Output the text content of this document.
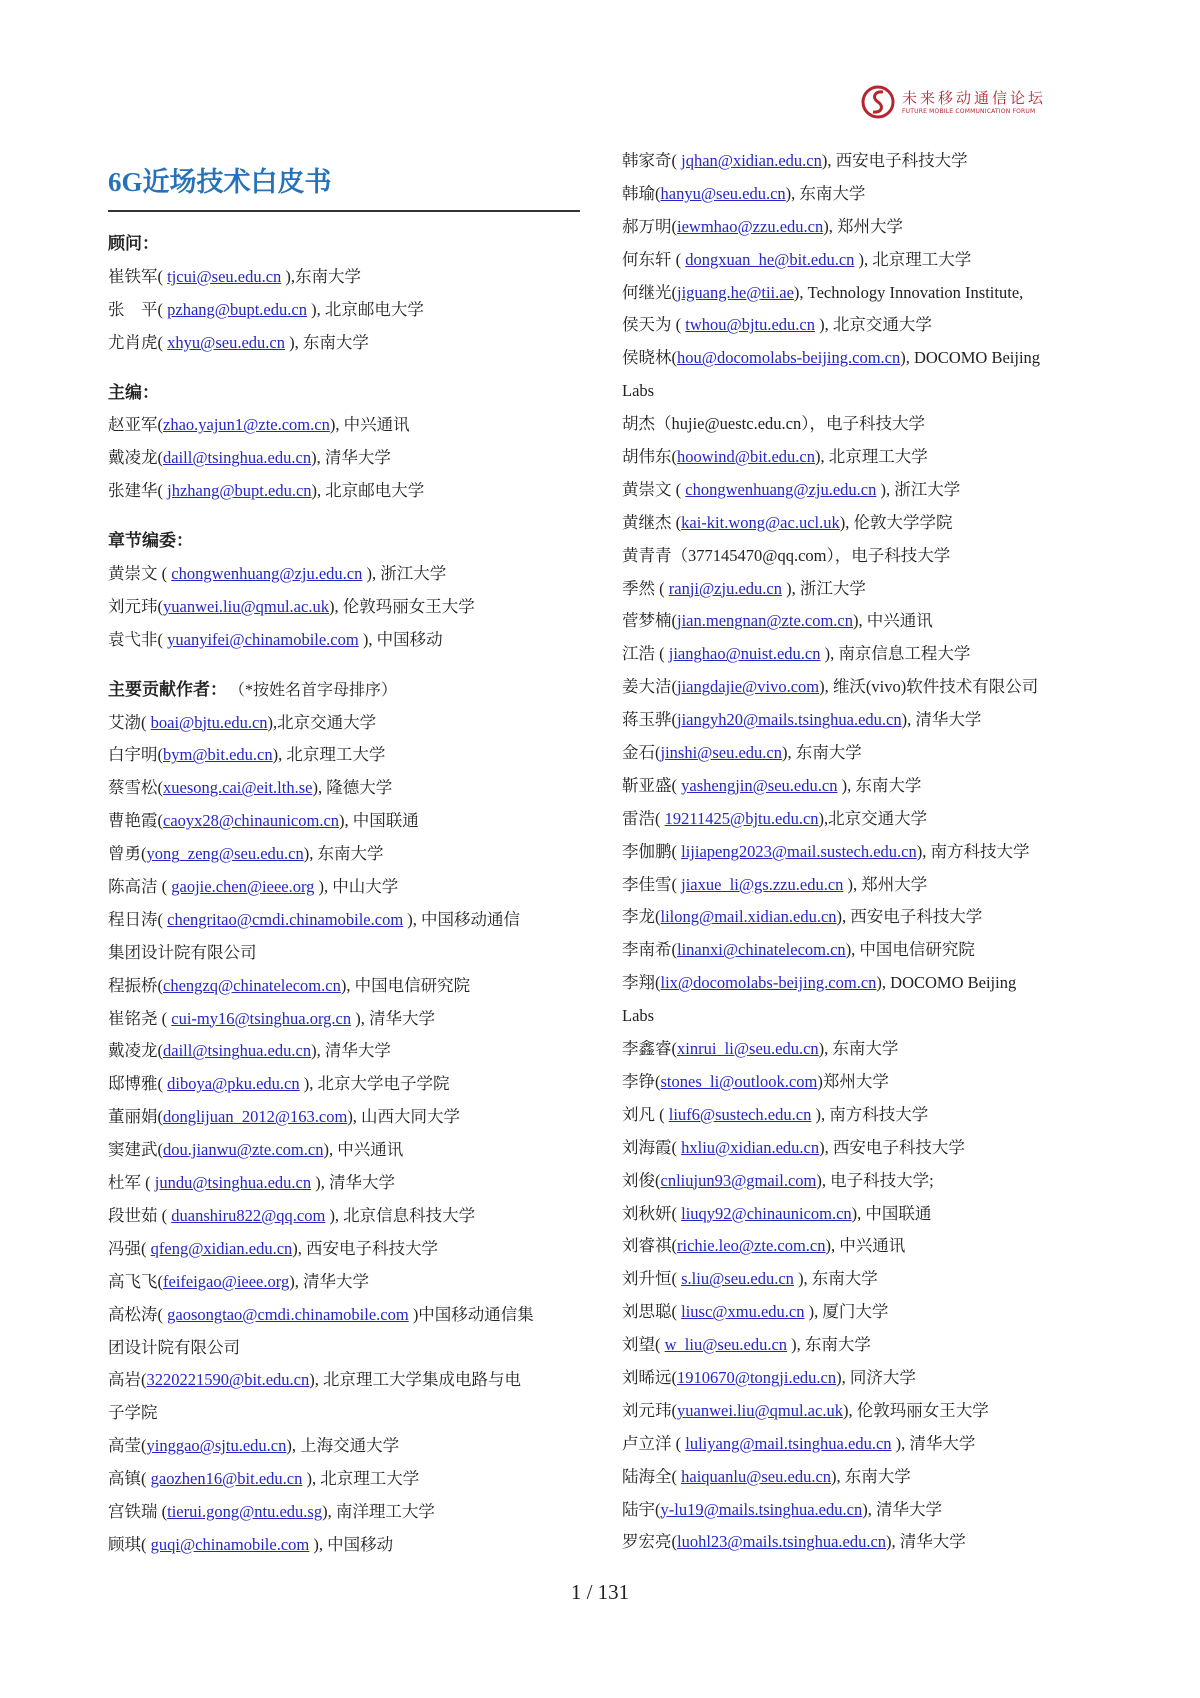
未来移动通信论坛
FUTURE MOBILE COMMUNICATION FORUM
6G近场技术白皮书
顾问：
崔铁军( tjcui@seu.edu.cn ),东南大学
张　平( pzhang@bupt.edu.cn ), 北京邮电大学
尤肖虎( xhyu@seu.edu.cn ), 东南大学
主编：
赵亚军(zhao.yajun1@zte.com.cn), 中兴通讯
戴凌龙(daill@tsinghua.edu.cn), 清华大学
张建华( jhzhang@bupt.edu.cn), 北京邮电大学
章节编委：
黄崇文 ( chongwenhuang@zju.edu.cn ), 浙江大学
刘元玮(yuanwei.liu@qmul.ac.uk), 伦敦玛丽女王大学
袁弋非( yuanyifei@chinamobile.com ), 中国移动
主要贡献作者： （*按姓名首字母排序）
艾渤( boai@bjtu.edu.cn),北京交通大学
白宇明(bym@bit.edu.cn), 北京理工大学
蔡雪松(xuesong.cai@eit.lth.se), 隆德大学
曹艳霞(caoyx28@chinaunicom.cn), 中国联通
曾勇(yong_zeng@seu.edu.cn), 东南大学
陈高洁 ( gaojie.chen@ieee.org ), 中山大学
程日涛( chengritao@cmdi.chinamobile.com ), 中国移动通信
集团设计院有限公司
程振桥(chengzq@chinatelecom.cn), 中国电信研究院
崔铭尧 ( cui-my16@tsinghua.org.cn ), 清华大学
戴凌龙(daill@tsinghua.edu.cn), 清华大学
邸博雅( diboya@pku.edu.cn ), 北京大学电子学院
董丽娟(donglijuan_2012@163.com), 山西大同大学
窦建武(dou.jianwu@zte.com.cn), 中兴通讯
杜军 ( jundu@tsinghua.edu.cn ), 清华大学
段世茹 ( duanshiru822@qq.com ), 北京信息科技大学
冯强( qfeng@xidian.edu.cn), 西安电子科技大学
高飞飞(feifeigao@ieee.org), 清华大学
高松涛( gaosongtao@cmdi.chinamobile.com )中国移动通信集
团设计院有限公司
高岩(3220221590@bit.edu.cn), 北京理工大学集成电路与电
子学院
高莹(yinggao@sjtu.edu.cn), 上海交通大学
高镇( gaozhen16@bit.edu.cn ), 北京理工大学
宫铁瑞 (tierui.gong@ntu.edu.sg), 南洋理工大学
顾琪( guqi@chinamobile.com ), 中国移动
韩家奇( jqhan@xidian.edu.cn), 西安电子科技大学
韩瑜(hanyu@seu.edu.cn), 东南大学
郝万明(iewmhao@zzu.edu.cn), 郑州大学
何东轩 ( dongxuan_he@bit.edu.cn ), 北京理工大学
何继光(jiguang.he@tii.ae), Technology Innovation Institute,
侯天为 ( twhou@bjtu.edu.cn ), 北京交通大学
侯晓林(hou@docomolabs-beijing.com.cn), DOCOMO Beijing
Labs
胡杰（hujie@uestc.edu.cn），电子科技大学
胡伟东(hoowind@bit.edu.cn), 北京理工大学
黄崇文 ( chongwenhuang@zju.edu.cn ), 浙江大学
黄继杰 (kai-kit.wong@ac.ucl.uk), 伦敦大学学院
黄青青（377145470@qq.com），电子科技大学
季然 ( ranji@zju.edu.cn ), 浙江大学
菅梦楠(jian.mengnan@zte.com.cn), 中兴通讯
江浩 ( jianghao@nuist.edu.cn ), 南京信息工程大学
姜大洁(jiangdajie@vivo.com), 维沃(vivo)软件技术有限公司
蒋玉骅(jiangyh20@mails.tsinghua.edu.cn), 清华大学
金石(jinshi@seu.edu.cn), 东南大学
靳亚盛( yashengjin@seu.edu.cn ), 东南大学
雷浩( 19211425@bjtu.edu.cn),北京交通大学
李伽鹏( lijiapeng2023@mail.sustech.edu.cn), 南方科技大学
李佳雪( jiaxue_li@gs.zzu.edu.cn ), 郑州大学
李龙(lilong@mail.xidian.edu.cn), 西安电子科技大学
李南希(linanxi@chinatelecom.cn), 中国电信研究院
李翔(lix@docomolabs-beijing.com.cn), DOCOMO Beijing
Labs
李鑫睿(xinrui_li@seu.edu.cn), 东南大学
李铮(stones_li@outlook.com)郑州大学
刘凡 ( liuf6@sustech.edu.cn ), 南方科技大学
刘海霞( hxliu@xidian.edu.cn), 西安电子科技大学
刘俊(cnliujun93@gmail.com), 电子科技大学;
刘秋妍( liuqy92@chinaunicom.cn), 中国联通
刘睿祺(richie.leo@zte.com.cn), 中兴通讯
刘升恒( s.liu@seu.edu.cn ), 东南大学
刘思聪( liusc@xmu.edu.cn ), 厦门大学
刘望( w_liu@seu.edu.cn ), 东南大学
刘晞远(1910670@tongji.edu.cn), 同济大学
刘元玮(yuanwei.liu@qmul.ac.uk), 伦敦玛丽女王大学
卢立洋 ( luliyang@mail.tsinghua.edu.cn ), 清华大学
陆海全( haiquanlu@seu.edu.cn), 东南大学
陆宇(y-lu19@mails.tsinghua.edu.cn), 清华大学
罗宏亮(luohl23@mails.tsinghua.edu.cn), 清华大学
1 / 131
